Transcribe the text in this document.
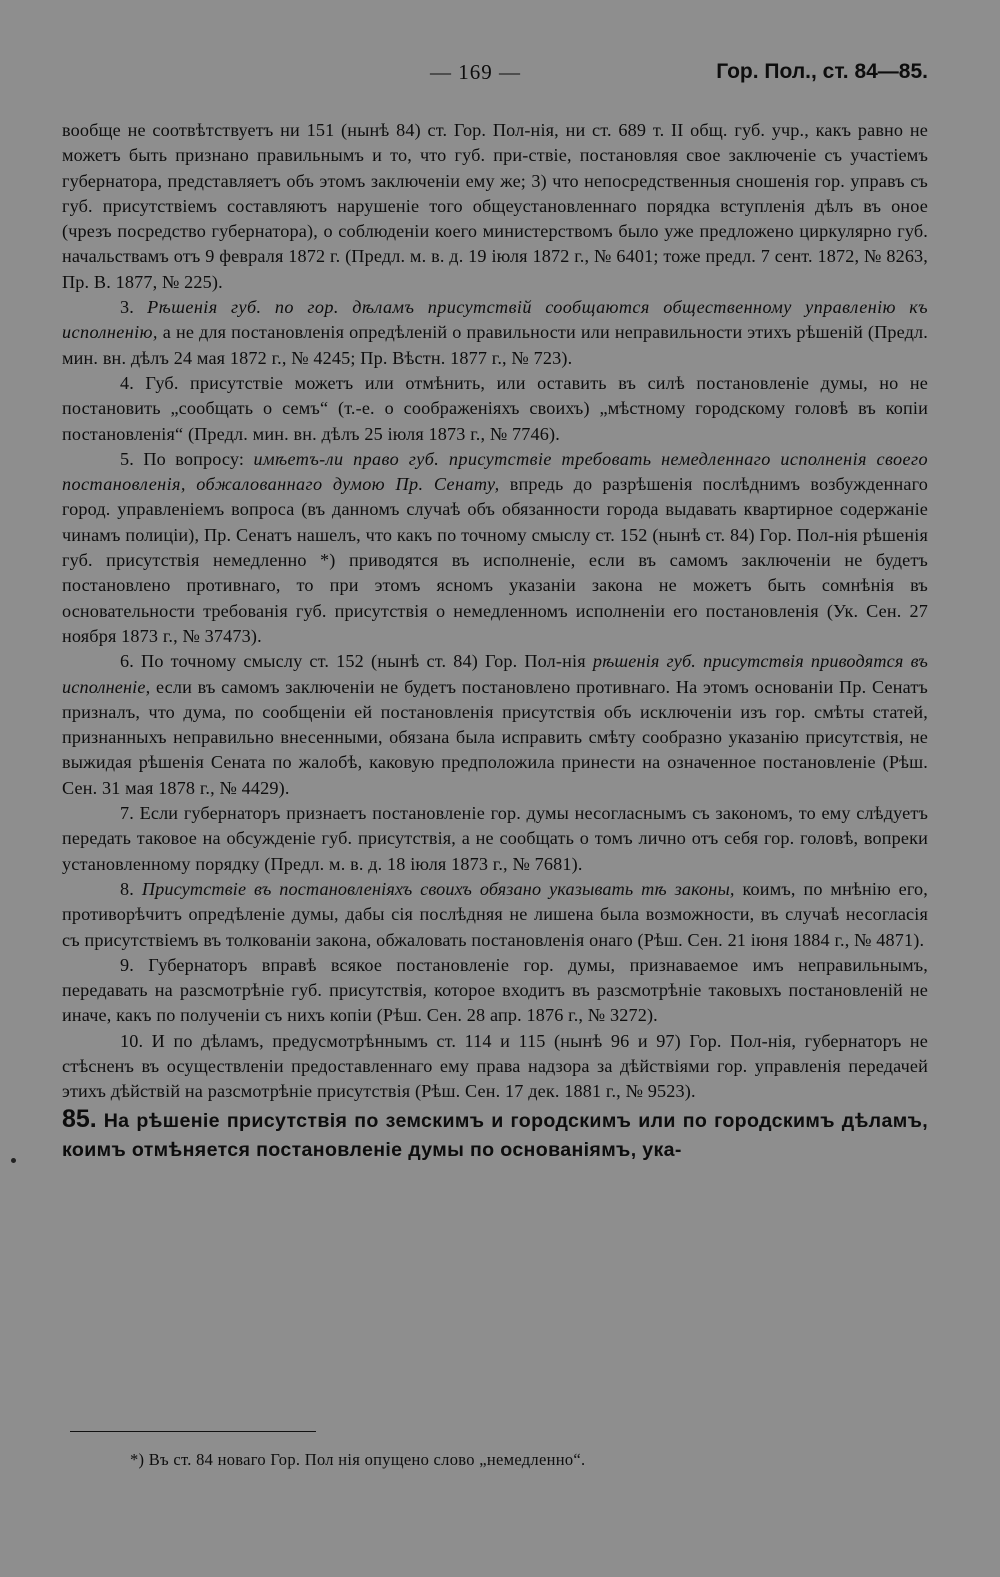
— 169 —	Гор. Пол., ст. 84—85.

вообще не соотвѣтствуетъ ни 151 (нынѣ 84) ст. Гор. Пол-нія, ни ст. 689 т. II общ. губ. учр., какъ равно не можетъ быть признано правильнымъ и то, что губ. при-ствіе, постановляя свое заключеніе съ участіемъ губернатора, представляетъ объ этомъ заключеніи ему же; 3) что непосредственныя сношенія гор. управъ съ губ. присутствіемъ составляютъ нарушеніе того общеустановленнаго порядка вступленія дѣлъ въ оное (чрезъ посредство губернатора), о соблюденіи коего министерствомъ было уже предложено циркулярно губ. начальствамъ отъ 9 февраля 1872 г. (Предл. м. в. д. 19 іюля 1872 г., № 6401; тоже предл. 7 сент. 1872, № 8263, Пр. В. 1877, № 225).

3. Рѣшенія губ. по гор. дѣламъ присутствій сообщаются общественному управленію къ исполненію, а не для постановленія опредѣленій о правильности или неправильности этихъ рѣшеній (Предл. мин. вн. дѣлъ 24 мая 1872 г., № 4245; Пр. Вѣстн. 1877 г., № 723).

4. Губ. присутствіе можетъ или отмѣнить, или оставить въ силѣ постановленіе думы, но не постановить „сообщать о семъ“ (т.-е. о соображеніяхъ своихъ) „мѣстному городскому головѣ въ копіи постановленія“ (Предл. мин. вн. дѣлъ 25 іюля 1873 г., № 7746).

5. По вопросу: имѣетъ-ли право губ. присутствіе требовать немедленнаго исполненія своего постановленія, обжалованнаго думою Пр. Сенату, впредь до разрѣшенія послѣднимъ возбужденнаго город. управленіемъ вопроса (въ данномъ случаѣ объ обязанности города выдавать квартирное содержаніе чинамъ полиціи), Пр. Сенатъ нашелъ, что какъ по точному смыслу ст. 152 (нынѣ ст. 84) Гор. Пол-нія рѣшенія губ. присутствія немедленно *) приводятся въ исполненіе, если въ самомъ заключеніи не будетъ постановлено противнаго, то при этомъ ясномъ указаніи закона не можетъ быть сомнѣнія въ основательности требованія губ. присутствія о немедленномъ исполненіи его постановленія (Ук. Сен. 27 ноября 1873 г., № 37473).

6. По точному смыслу ст. 152 (нынѣ ст. 84) Гор. Пол-нія рѣшенія губ. присутствія приводятся въ исполненіе, если въ самомъ заключеніи не будетъ постановлено противнаго. На этомъ основаніи Пр. Сенатъ призналъ, что дума, по сообщеніи ей постановленія присутствія объ исключеніи изъ гор. смѣты статей, признанныхъ неправильно внесенными, обязана была исправить смѣту сообразно указанію присутствія, не выжидая рѣшенія Сената по жалобѣ, каковую предположила принести на означенное постановленіе (Рѣш. Сен. 31 мая 1878 г., № 4429).

7. Если губернаторъ признаетъ постановленіе гор. думы несогласнымъ съ закономъ, то ему слѣдуетъ передать таковое на обсужденіе губ. присутствія, а не сообщать о томъ лично отъ себя гор. головѣ, вопреки установленному порядку (Предл. м. в. д. 18 іюля 1873 г., № 7681).

8. Присутствіе въ постановленіяхъ своихъ обязано указывать тѣ законы, коимъ, по мнѣнію его, противорѣчитъ опредѣленіе думы, дабы сія послѣдняя не лишена была возможности, въ случаѣ несогласія съ присутствіемъ въ толкованіи закона, обжаловать постановленія онаго (Рѣш. Сен. 21 іюня 1884 г., № 4871).

9. Губернаторъ вправѣ всякое постановленіе гор. думы, признаваемое имъ неправильнымъ, передавать на разсмотрѣніе губ. присутствія, которое входитъ въ разсмотрѣніе таковыхъ постановленій не иначе, какъ по полученіи съ нихъ копіи (Рѣш. Сен. 28 апр. 1876 г., № 3272).

10. И по дѣламъ, предусмотрѣннымъ ст. 114 и 115 (нынѣ 96 и 97) Гор. Пол-нія, губернаторъ не стѣсненъ въ осуществленіи предоставленнаго ему права надзора за дѣйствіями гор. управленія передачей этихъ дѣйствій на разсмотрѣніе присутствія (Рѣш. Сен. 17 дек. 1881 г., № 9523).

85. На рѣшеніе присутствія по земскимъ и городскимъ или по городскимъ дѣламъ, коимъ отмѣняется постановленіе думы по основаніямъ, ука-

*) Въ ст. 84 новаго Гор. Пол нія опущено слово „немедленно“.
